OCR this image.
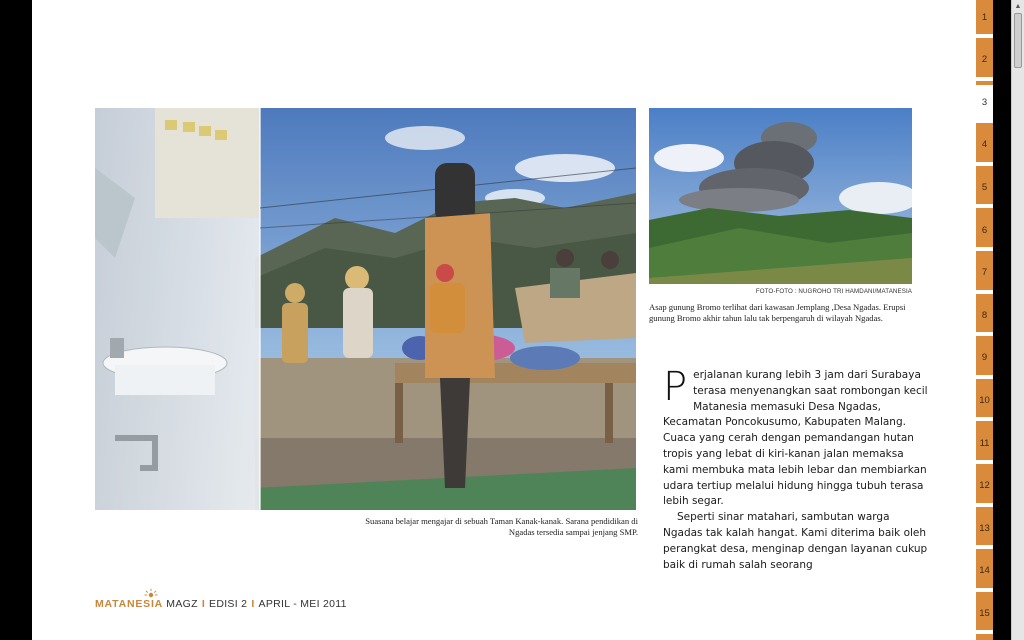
FOTO-FOTO : NUGROHO TRI HAMDANI/MATANESIA
Asap gunung Bromo terlihat dari kawasan Jemplang ,Desa Ngadas. Erupsi gunung Bromo akhir tahun lalu tak berpengaruh di wilayah Ngadas.
Suasana belajar mengajar di sebuah Taman Kanak-kanak. Sarana pendidikan di Ngadas tersedia sampai jenjang SMP.

Perjalanan kurang lebih 3 jam dari Surabaya terasa menyenangkan saat rombongan kecil Matanesia memasuki Desa Ngadas, Kecamatan Poncokusumo, Kabupaten Malang. Cuaca yang cerah dengan pemandangan hutan tropis yang lebat di kiri-kanan jalan memaksa kami membuka mata lebih lebar dan membiarkan udara tertiup melalui hidung hingga tubuh terasa lebih segar.

Seperti sinar matahari, sambutan warga Ngadas tak kalah hangat. Kami diterima baik oleh perangkat desa, menginap dengan layanan cukup baik di rumah salah seorang

MATANESIA MAGZ I EDISI 2 I APRIL - MEI 2011
1
2
3
4
5
6
7
8
9
10
11
12
13
14
15
▲
